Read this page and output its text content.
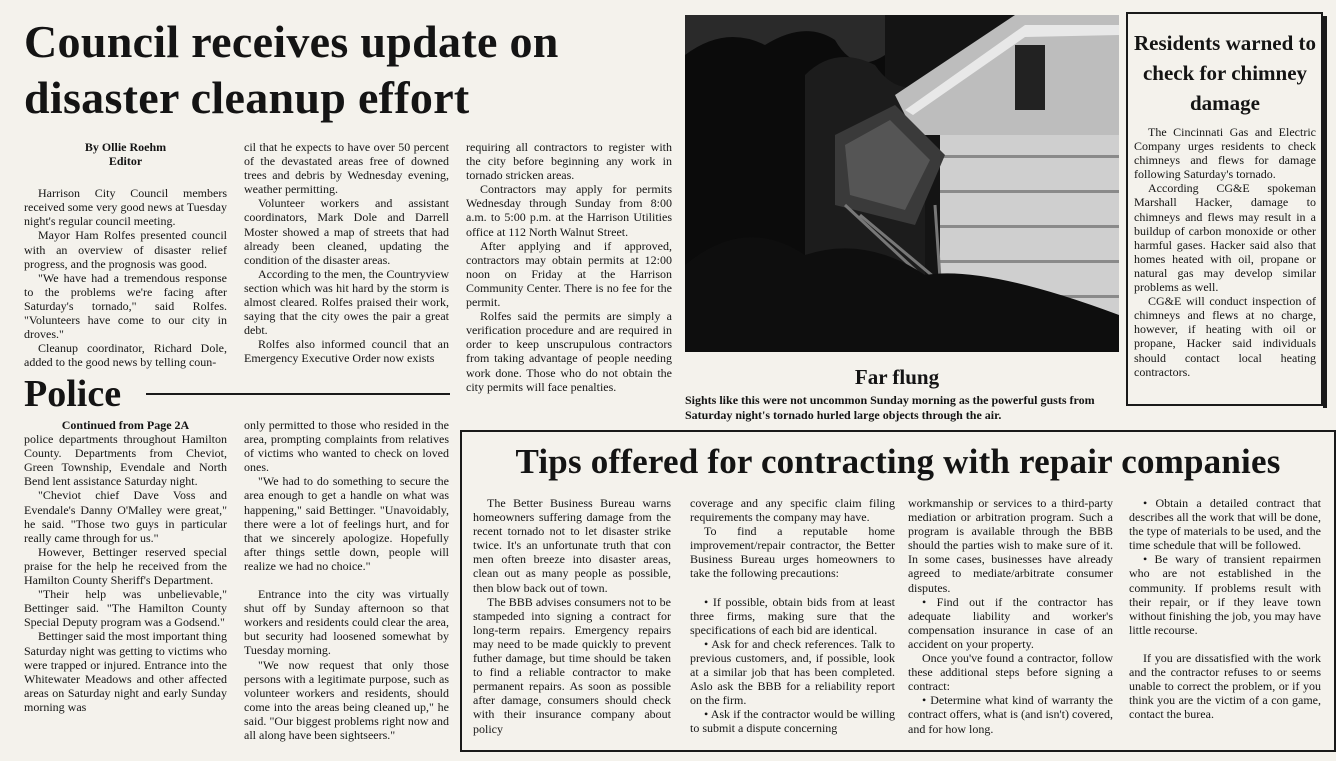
Council receives update on disaster cleanup effort

By Ollie Roehm

Editor

Harrison City Council members received some very good news at Tuesday night's regular council meeting.

Mayor Ham Rolfes presented council with an overview of disaster relief progress, and the prognosis was good.

"We have had a tremendous response to the problems we're facing after Saturday's tornado," said Rolfes. "Volunteers have come to our city in droves."

Cleanup coordinator, Richard Dole, added to the good news by telling coun-

cil that he expects to have over 50 percent of the devastated areas free of downed trees and debris by Wednesday evening, weather permitting.

Volunteer workers and assistant coordinators, Mark Dole and Darrell Moster showed a map of streets that had already been cleaned, updating the condition of the disaster areas.

According to the men, the Countryview section which was hit hard by the storm is almost cleared. Rolfes praised their work, saying that the city owes the pair a great debt.

Rolfes also informed council that an Emergency Executive Order now exists

requiring all contractors to register with the city before beginning any work in tornado stricken areas.

Contractors may apply for permits Wednesday through Sunday from 8:00 a.m. to 5:00 p.m. at the Harrison Utilities office at 112 North Walnut Street.

After applying and if approved, contractors may obtain permits at 12:00 noon on Friday at the Harrison Community Center. There is no fee for the permit.

Rolfes said the permits are simply a verification procedure and are required in order to keep unscrupulous contractors from taking advantage of people needing work done. Those who do not obtain the city permits will face penalties.

Police

Continued from Page 2A

police departments throughout Hamilton County. Departments from Cheviot, Green Township, Evendale and North Bend lent assistance Saturday night.

"Cheviot chief Dave Voss and Evendale's Danny O'Malley were great," he said. "Those two guys in particular really came through for us."

However, Bettinger reserved special praise for the help he received from the Hamilton County Sheriff's Department.

"Their help was unbelievable," Bettinger said. "The Hamilton County Special Deputy program was a Godsend."

Bettinger said the most important thing Saturday night was getting to victims who were trapped or injured. Entrance into the Whitewater Meadows and other affected areas on Saturday night and early Sunday morning was

only permitted to those who resided in the area, prompting complaints from relatives of victims who wanted to check on loved ones.

"We had to do something to secure the area enough to get a handle on what was happening," said Bettinger. "Unavoidably, there were a lot of feelings hurt, and for that we sincerely apologize. Hopefully after things settle down, people will realize we had no choice."

Entrance into the city was virtually shut off by Sunday afternoon so that workers and residents could clear the area, but security had loosened somewhat by Tuesday morning.

"We now request that only those persons with a legitimate purpose, such as volunteer workers and residents, should come into the areas being cleaned up," he said. "Our biggest problems right now and all along have been sightseers."

Far flung

Sights like this were not uncommon Sunday morning as the powerful gusts from Saturday night's tornado hurled large objects through the air.

Residents warned to check for chimney damage

The Cincinnati Gas and Electric Company urges residents to check chimneys and flews for damage following Saturday's tornado.

According CG&E spokeman Marshall Hacker, damage to chimneys and flews may result in a buildup of carbon monoxide or other harmful gases. Hacker said also that homes heated with oil, propane or natural gas may develop similar problems as well.

CG&E will conduct inspection of chimneys and flews at no charge, however, if heating with oil or propane, Hacker said individuals should contact local heating contractors.

Tips offered for contracting with repair companies

The Better Business Bureau warns homeowners suffering damage from the recent tornado not to let disaster strike twice. It's an unfortunate truth that con men often breeze into disaster areas, clean out as many people as possible, then blow back out of town.

The BBB advises consumers not to be stampeded into signing a contract for long-term repairs. Emergency repairs may need to be made quickly to prevent futher damage, but time should be taken to find a reliable contractor to make permanent repairs. As soon as possible after damage, consumers should check with their insurance company about policy

coverage and any specific claim filing requirements the company may have.

To find a reputable home improvement/repair contractor, the Better Business Bureau urges homeowners to take the following precautions:

• If possible, obtain bids from at least three firms, making sure that the specifications of each bid are identical.

• Ask for and check references. Talk to previous customers, and, if possible, look at a similar job that has been completed. Aslo ask the BBB for a reliability report on the firm.

• Ask if the contractor would be willing to submit a dispute concerning

workmanship or services to a third-party mediation or arbitration program. Such a program is available through the BBB should the parties wish to make sure of it. In some cases, businesses have already agreed to mediate/arbitrate consumer disputes.

• Find out if the contractor has adequate liability and worker's compensation insurance in case of an accident on your property.

Once you've found a contractor, follow these additional steps before signing a contract:

• Determine what kind of warranty the contract offers, what is (and isn't) covered, and for how long.

• Obtain a detailed contract that describes all the work that will be done, the type of materials to be used, and the time schedule that will be followed.

• Be wary of transient repairmen who are not established in the community. If problems result with their repair, or if they leave town without finishing the job, you may have little recourse.

If you are dissatisfied with the work and the contractor refuses to or seems unable to correct the problem, or if you think you are the victim of a con game, contact the burea.
